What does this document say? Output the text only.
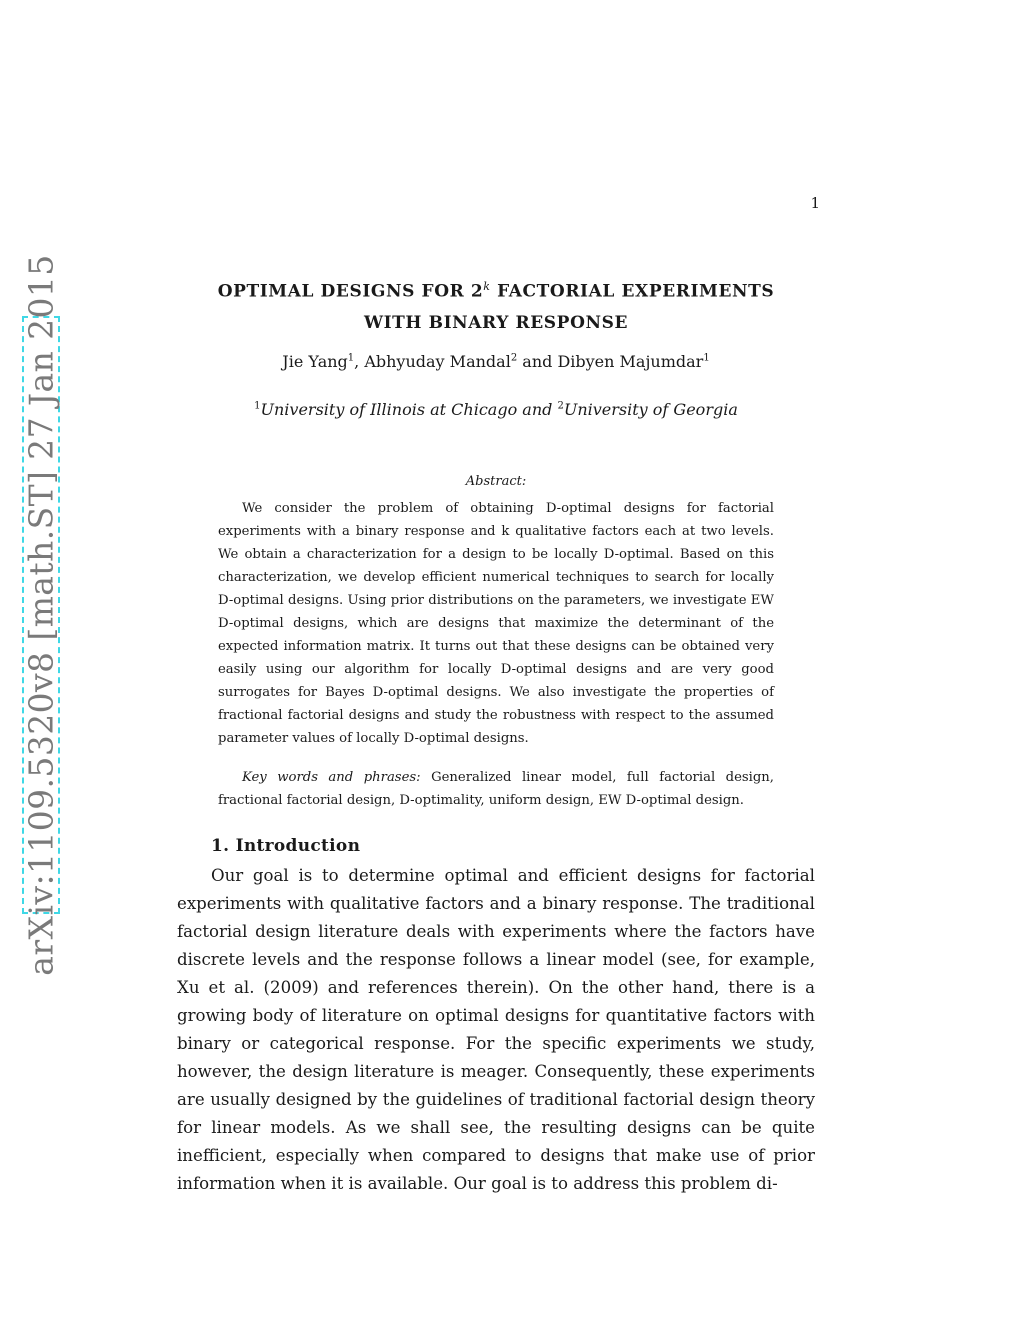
1
arXiv:1109.5320v8 [math.ST] 27 Jan 2015	OPTIMAL DESIGNS FOR 2$^k$ FACTORIAL EXPERIMENTS
WITH BINARY RESPONSE
Jie Yang$^1$, Abhyuday Mandal$^2$ and Dibyen Majumdar$^1$
$^1$University of Illinois at Chicago and $^2$University of Georgia
Abstract:

We consider the problem of obtaining D-optimal designs for factorial experiments with a binary response and k qualitative factors each at two levels. We obtain a characterization for a design to be locally D-optimal. Based on this characterization, we develop efficient numerical techniques to search for locally D-optimal designs. Using prior distributions on the parameters, we investigate EW D-optimal designs, which are designs that maximize the determinant of the expected information matrix. It turns out that these designs can be obtained very easily using our algorithm for locally D-optimal designs and are very good surrogates for Bayes D-optimal designs. We also investigate the properties of fractional factorial designs and study the robustness with respect to the assumed parameter values of locally D-optimal designs.

Key words and phrases: Generalized linear model, full factorial design, fractional factorial design, D-optimality, uniform design, EW D-optimal design.

1. Introduction

Our goal is to determine optimal and efficient designs for factorial experiments with qualitative factors and a binary response. The traditional factorial design literature deals with experiments where the factors have discrete levels and the response follows a linear model (see, for example, Xu et al. (2009) and references therein). On the other hand, there is a growing body of literature on optimal designs for quantitative factors with binary or categorical response. For the specific experiments we study, however, the design literature is meager. Consequently, these experiments are usually designed by the guidelines of traditional factorial design theory for linear models. As we shall see, the resulting designs can be quite inefficient, especially when compared to designs that make use of prior information when it is available. Our goal is to address this problem di-
